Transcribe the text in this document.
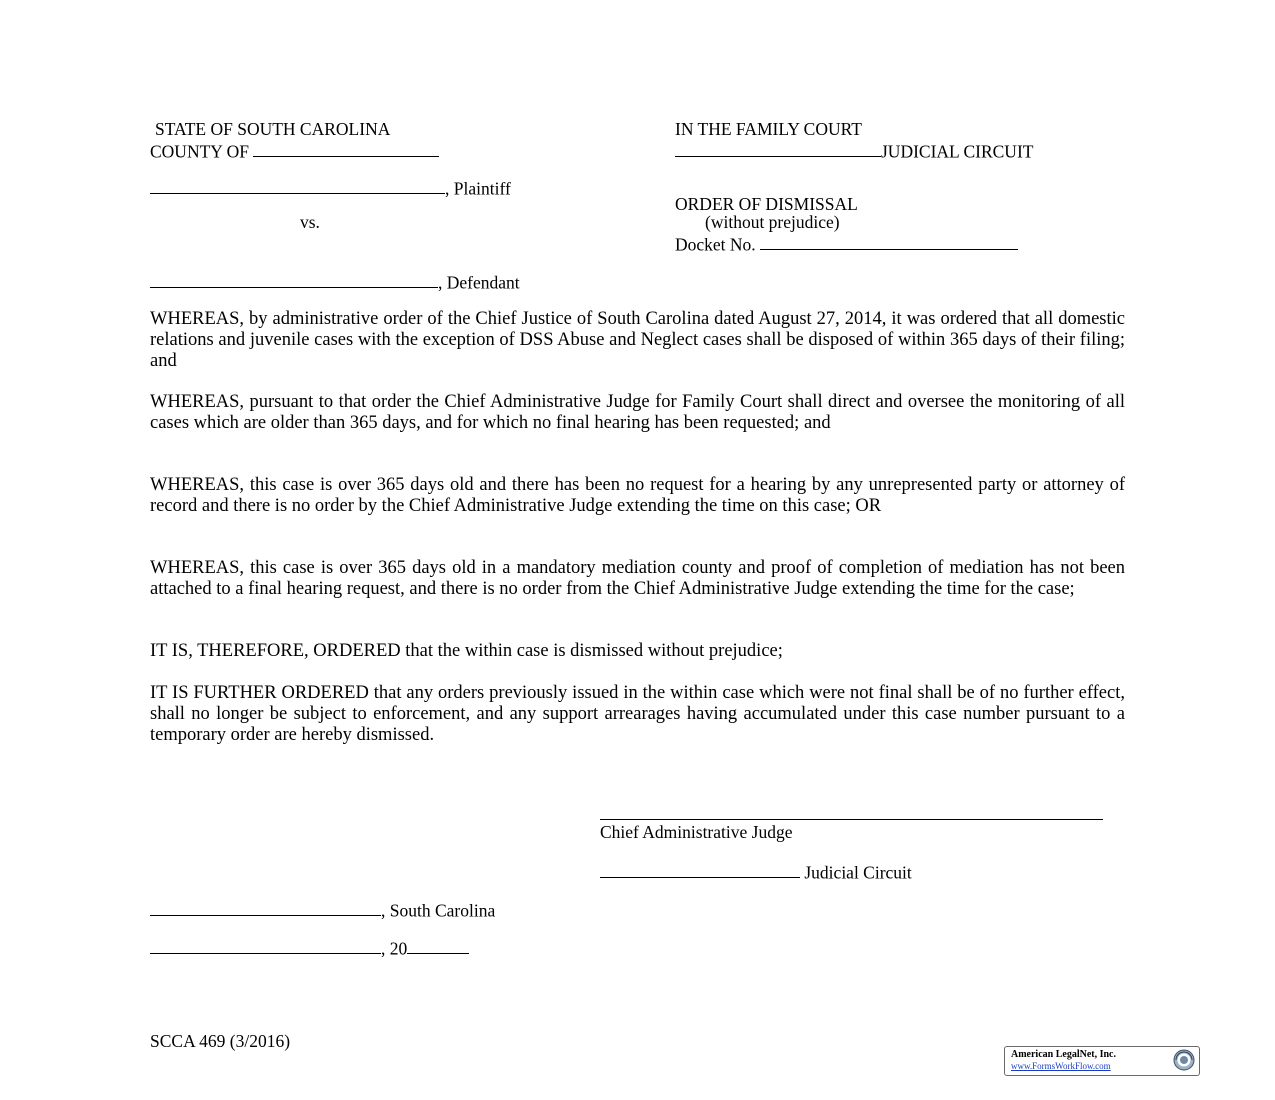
STATE OF SOUTH CAROLINA
COUNTY OF
, Plaintiff
vs.
, Defendant
IN THE FAMILY COURT
JUDICIAL CIRCUIT
ORDER OF DISMISSAL
(without prejudice)
Docket No.
WHEREAS, by administrative order of the Chief Justice of South Carolina dated August 27, 2014, it was ordered that all domestic relations and juvenile cases with the exception of DSS Abuse and Neglect cases shall be disposed of within 365 days of their filing; and
WHEREAS, pursuant to that order the Chief Administrative Judge for Family Court shall direct and oversee the monitoring of all cases which are older than 365 days, and for which no final hearing has been requested; and
WHEREAS, this case is over 365 days old and there has been no request for a hearing by any unrepresented party or attorney of record and there is no order by the Chief Administrative Judge extending the time on this case; OR
WHEREAS, this case is over 365 days old in a mandatory mediation county and proof of completion of mediation has not been attached to a final hearing request, and there is no order from the Chief Administrative Judge extending the time for the case;
IT IS, THEREFORE, ORDERED that the within case is dismissed without prejudice;
IT IS FURTHER ORDERED that any orders previously issued in the within case which were not final shall be of no further effect, shall no longer be subject to enforcement, and any support arrearages having accumulated under this case number pursuant to a temporary order are hereby dismissed.
Chief Administrative Judge
Judicial Circuit
, South Carolina
, 20
SCCA 469 (3/2016)
American LegalNet, Inc.
www.FormsWorkFlow.com
